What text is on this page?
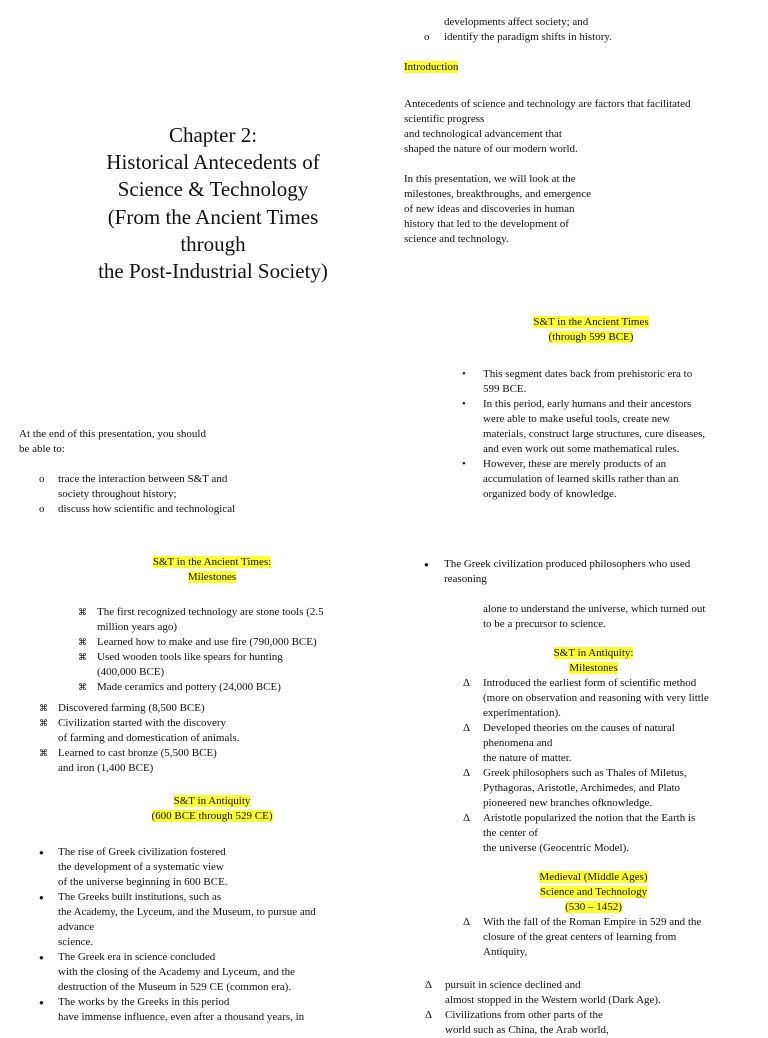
developments affect society; and
o identify the paradigm shifts in history.
Introduction
Antecedents of science and technology are factors that facilitated
scientific progress
and technological advancement that
shaped the nature of our modern world.
In this presentation, we will look at the
milestones, breakthroughs, and emergence
of new ideas and discoveries in human
history that led to the development of
science and technology.
Chapter 2:
Historical Antecedents of
Science & Technology
(From the Ancient Times
through
the Post-Industrial Society)
S&T in the Ancient Times
(through 599 BCE)
• This segment dates back from prehistoric era to
599 BCE.
• In this period, early humans and their ancestors
were able to make useful tools, create new
materials, construct large structures, cure diseases,
and even work out some mathematical rules.
• However, these are merely products of an
accumulation of learned skills rather than an
organized body of knowledge.
At the end of this presentation, you should
be able to:
o trace the interaction between S&T and
society throughout history;
o discuss how scientific and technological
S&T in the Ancient Times:
Milestones
⌘ The first recognized technology are stone tools (2.5
million years ago)
⌘ Learned how to make and use fire (790,000 BCE)
⌘ Used wooden tools like spears for hunting
(400,000 BCE)
⌘ Made ceramics and pottery (24,000 BCE)
⌘ Discovered farming (8,500 BCE)
⌘ Civilization started with the discovery
of farming and domestication of animals.
⌘ Learned to cast bronze (5,500 BCE)
and iron (1,400 BCE)
S&T in Antiquity
(600 BCE through 529 CE)
● The rise of Greek civilization fostered
the development of a systematic view
of the universe beginning in 600 BCE.
● The Greeks built institutions, such as
the Academy, the Lyceum, and the Museum, to pursue and
advance
science.
● The Greek era in science concluded
with the closing of the Academy and Lyceum, and the
destruction of the Museum in 529 CE (common era).
● The works by the Greeks in this period
have immense influence, even after a thousand years, in
● The Greek civilization produced philosophers who used
reasoning
alone to understand the universe, which turned out
to be a precursor to science.
S&T in Antiquity:
Milestones
Δ Introduced the earliest form of scientific method
(more on observation and reasoning with very little
experimentation).
Δ Developed theories on the causes of natural
phenomena and
the nature of matter.
Δ Greek philosophers such as Thales of Miletus,
Pythagoras, Aristotle, Archimedes, and Plato
pioneered new branches ofknowledge.
Δ Aristotle popularized the notion that the Earth is
the center of
the universe (Geocentric Model).
Medieval (Middle Ages)
Science and Technology
(530 – 1452)
Δ With the fall of the Roman Empire in 529 and the
closure of the great centers of learning from
Antiquity,
Δ pursuit in science declined and
almost stopped in the Western world (Dark Age).
Δ Civilizations from other parts of the
world such as China, the Arab world,
